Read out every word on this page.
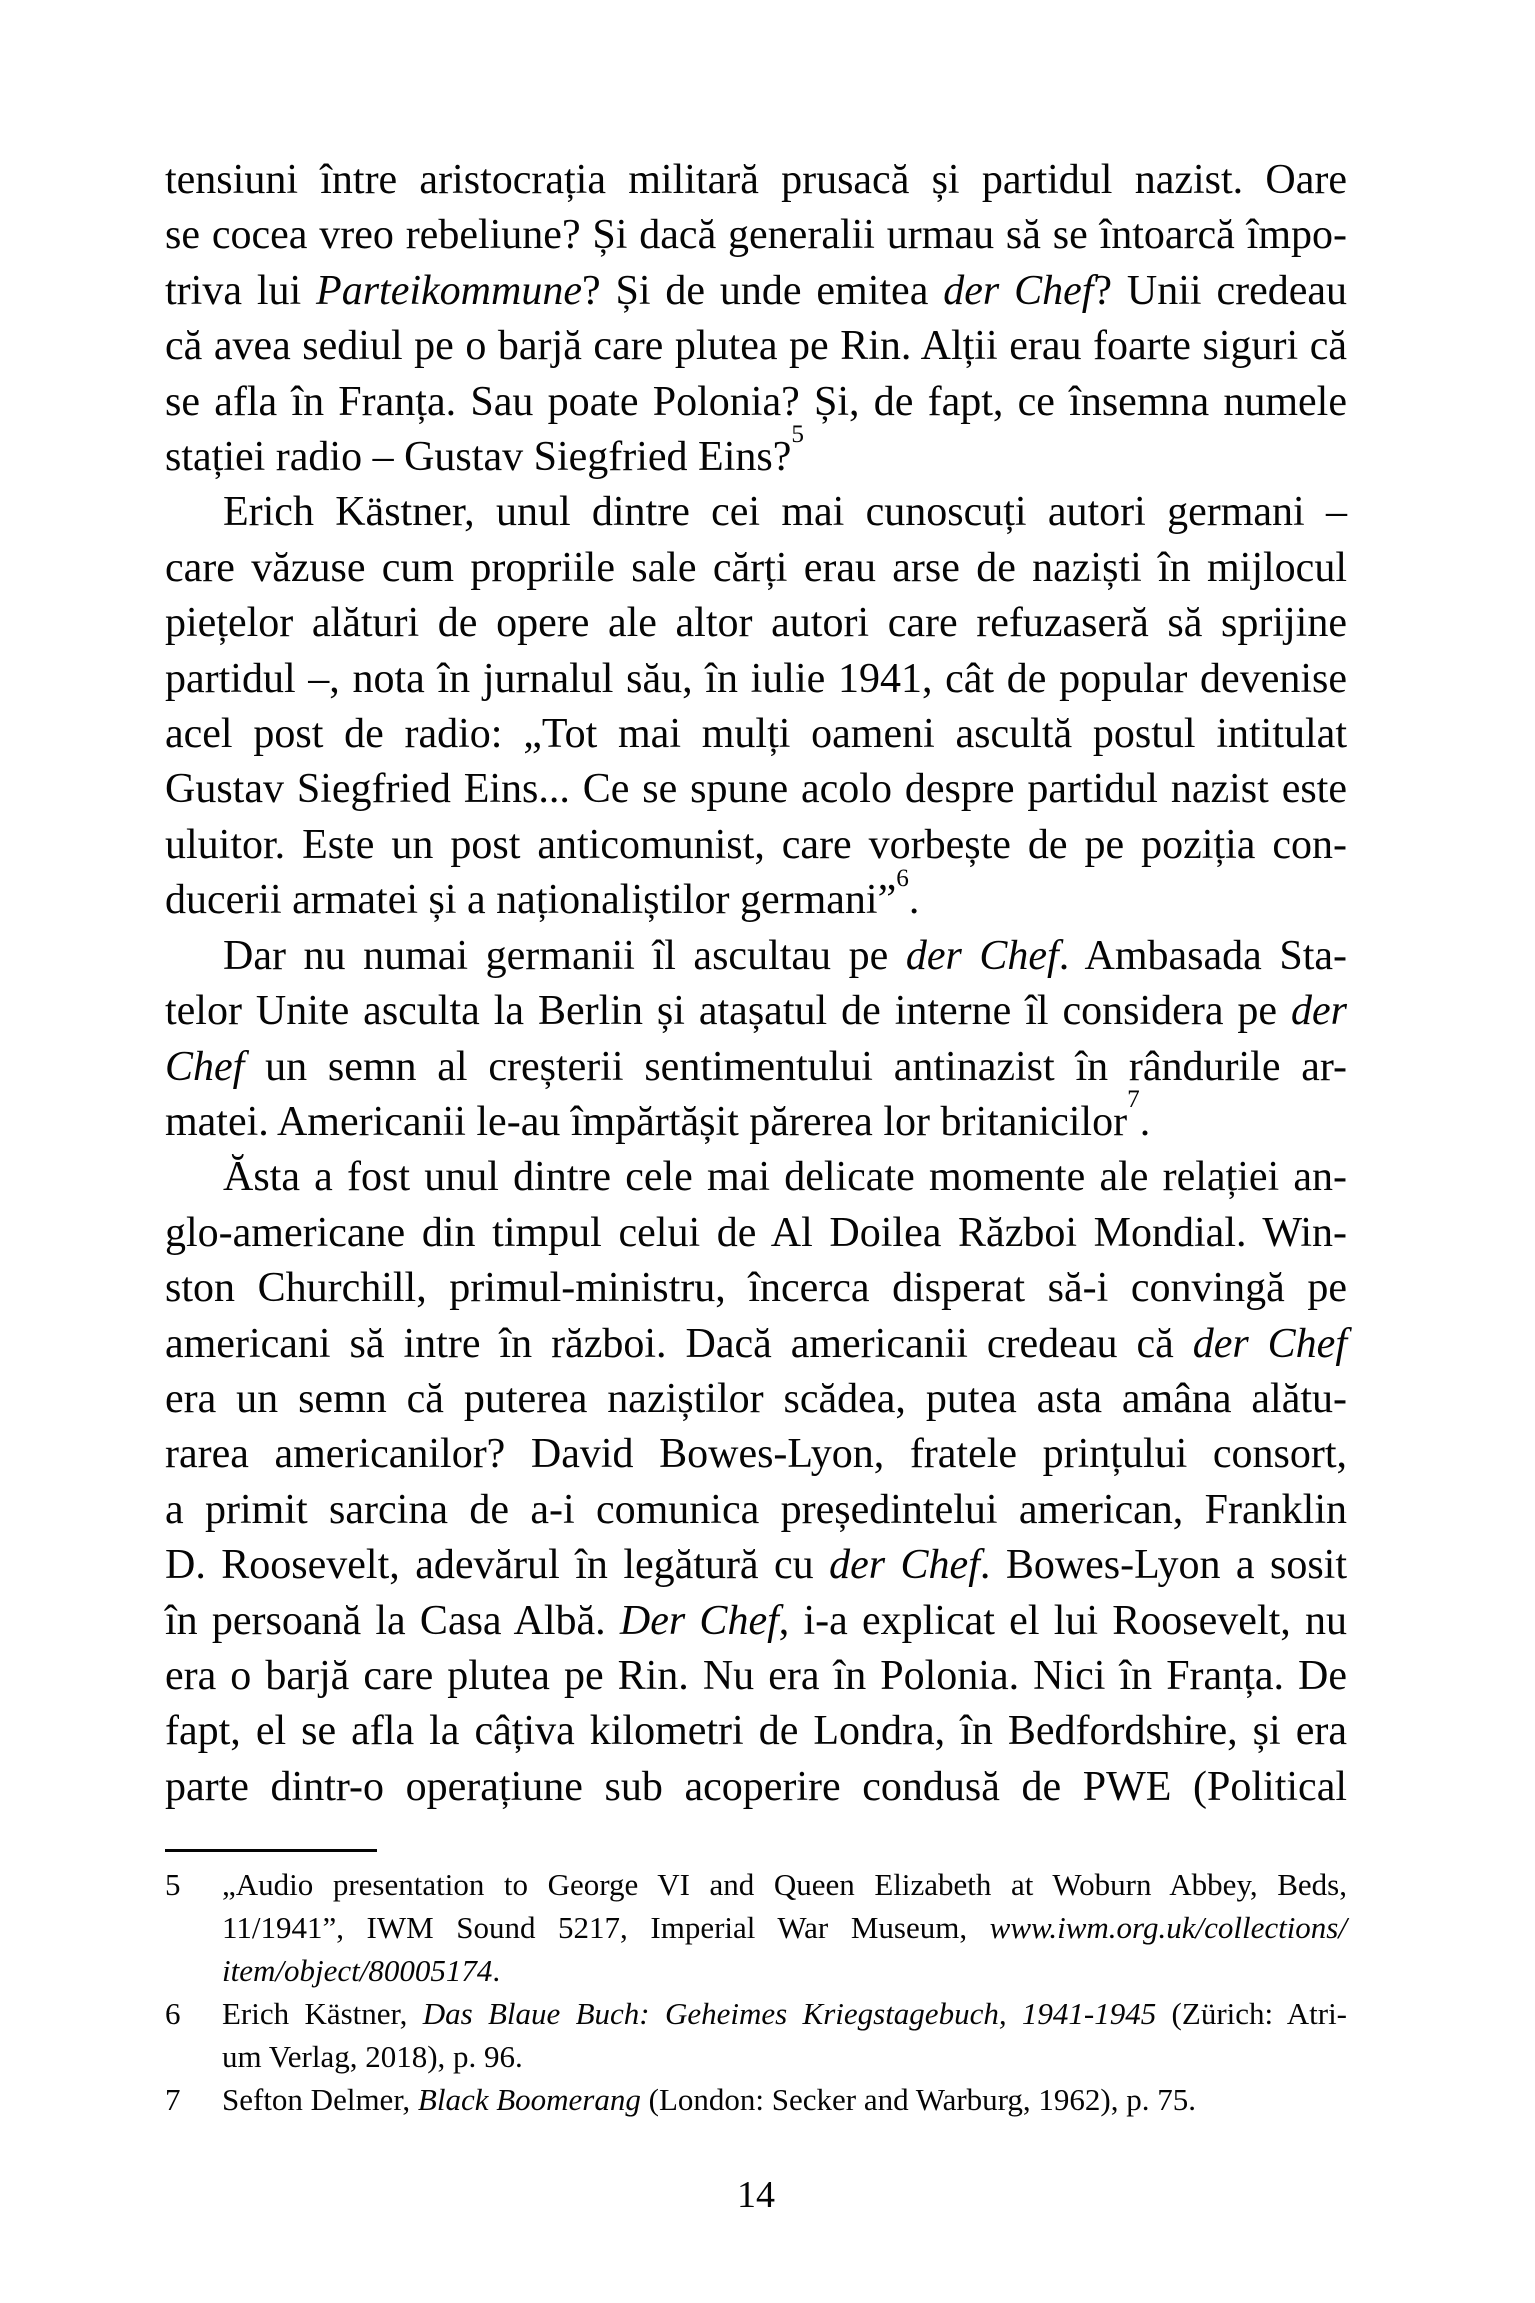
tensiuni între aristocrația militară prusacă și partidul nazist. Oare
se cocea vreo rebeliune? Și dacă generalii urmau să se întoarcă împo-
triva lui Parteikommune? Și de unde emitea der Chef? Unii credeau
că avea sediul pe o barjă care plutea pe Rin. Alții erau foarte siguri că
se afla în Franța. Sau poate Polonia? Și, de fapt, ce însemna numele
stației radio – Gustav Siegfried Eins?$^5$
Erich Kästner, unul dintre cei mai cunoscuți autori germani –
care văzuse cum propriile sale cărți erau arse de naziști în mijlocul
piețelor alături de opere ale altor autori care refuzaseră să sprijine
partidul –, nota în jurnalul său, în iulie 1941, cât de popular devenise
acel post de radio: „Tot mai mulți oameni ascultă postul intitulat
Gustav Siegfried Eins... Ce se spune acolo despre partidul nazist este
uluitor. Este un post anticomunist, care vorbește de pe poziția con-
ducerii armatei și a naționaliștilor germani”$^6$.
Dar nu numai germanii îl ascultau pe der Chef. Ambasada Sta-
telor Unite asculta la Berlin și atașatul de interne îl considera pe der
Chef un semn al creșterii sentimentului antinazist în rândurile ar-
matei. Americanii le-au împărtășit părerea lor britanicilor$^7$.
Ăsta a fost unul dintre cele mai delicate momente ale relației an-
glo-americane din timpul celui de Al Doilea Război Mondial. Win-
ston Churchill, primul-ministru, încerca disperat să-i convingă pe
americani să intre în război. Dacă americanii credeau că der Chef
era un semn că puterea naziștilor scădea, putea asta amâna alătu-
rarea americanilor? David Bowes-Lyon, fratele prințului consort,
a primit sarcina de a-i comunica președintelui american, Franklin
D. Roosevelt, adevărul în legătură cu der Chef. Bowes-Lyon a sosit
în persoană la Casa Albă. Der Chef, i-a explicat el lui Roosevelt, nu
era o barjă care plutea pe Rin. Nu era în Polonia. Nici în Franța. De
fapt, el se afla la câțiva kilometri de Londra, în Bedfordshire, și era
parte dintr-o operațiune sub acoperire condusă de PWE (Political
5 „Audio presentation to George VI and Queen Elizabeth at Woburn Abbey, Beds,
11/1941”, IWM Sound 5217, Imperial War Museum, www.iwm.org.uk/collections/
item/object/80005174.
6 Erich Kästner, Das Blaue Buch: Geheimes Kriegstagebuch, 1941-1945 (Zürich: Atri-
um Verlag, 2018), p. 96.
7 Sefton Delmer, Black Boomerang (London: Secker and Warburg, 1962), p. 75.
14
